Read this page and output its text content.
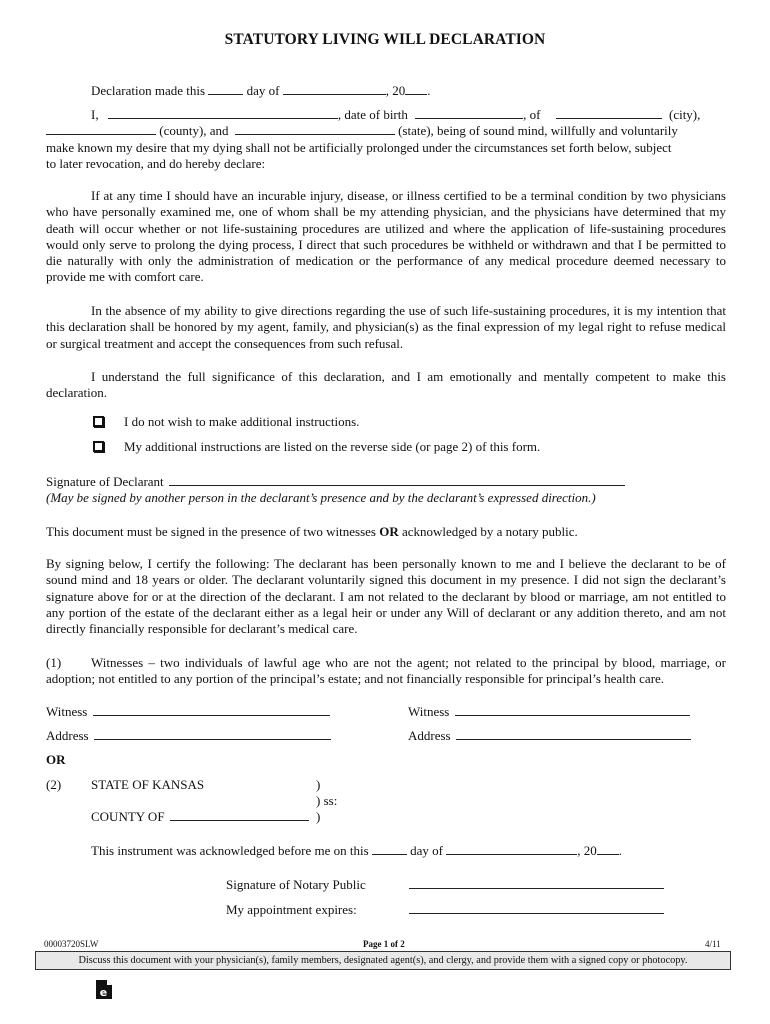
STATUTORY LIVING WILL DECLARATION
Declaration made this	day of	, 20 .
I,	, date of birth	, of	(city),
(county), and	(state), being of sound mind, willfully and voluntarily
make known my desire that my dying shall not be artificially prolonged under the circumstances set forth below, subject
to later revocation, and do hereby declare:
If at any time I should have an incurable injury, disease, or illness certified to be a terminal condition by two physicians who have personally examined me, one of whom shall be my attending physician, and the physicians have determined that my death will occur whether or not life-sustaining procedures are utilized and where the application of life-sustaining procedures would only serve to prolong the dying process, I direct that such procedures be withheld or withdrawn and that I be permitted to die naturally with only the administration of medication or the performance of any medical procedure deemed necessary to provide me with comfort care.
In the absence of my ability to give directions regarding the use of such life-sustaining procedures, it is my intention that this declaration shall be honored by my agent, family, and physician(s) as the final expression of my legal right to refuse medical or surgical treatment and accept the consequences from such refusal.
I understand the full significance of this declaration, and I am emotionally and mentally competent to make this declaration.
I do not wish to make additional instructions.
My additional instructions are listed on the reverse side (or page 2) of this form.
Signature of Declarant
(May be signed by another person in the declarant’s presence and by the declarant’s expressed direction.)
This document must be signed in the presence of two witnesses OR acknowledged by a notary public.
By signing below, I certify the following: The declarant has been personally known to me and I believe the declarant to be of sound mind and 18 years or older. The declarant voluntarily signed this document in my presence. I did not sign the declarant’s signature above for or at the direction of the declarant. I am not related to the declarant by blood or marriage, am not entitled to any portion of the estate of the declarant either as a legal heir or under any Will of declarant or any addition thereto, and am not directly financially responsible for declarant’s medical care.
(1) Witnesses – two individuals of lawful age who are not the agent; not related to the principal by blood, marriage, or adoption; not entitled to any portion of the principal’s estate; and not financially responsible for principal’s health care.
Witness	Witness
Address	Address
OR
(2) STATE OF KANSAS	)
) ss:
COUNTY OF	)
This instrument was acknowledged before me on this	day of	, 20 .
Signature of Notary Public
My appointment expires:
00003720SLW	Page 1 of 2	4/11
Discuss this document with your physician(s), family members, designated agent(s), and clergy, and provide them with a signed copy or photocopy.
e
